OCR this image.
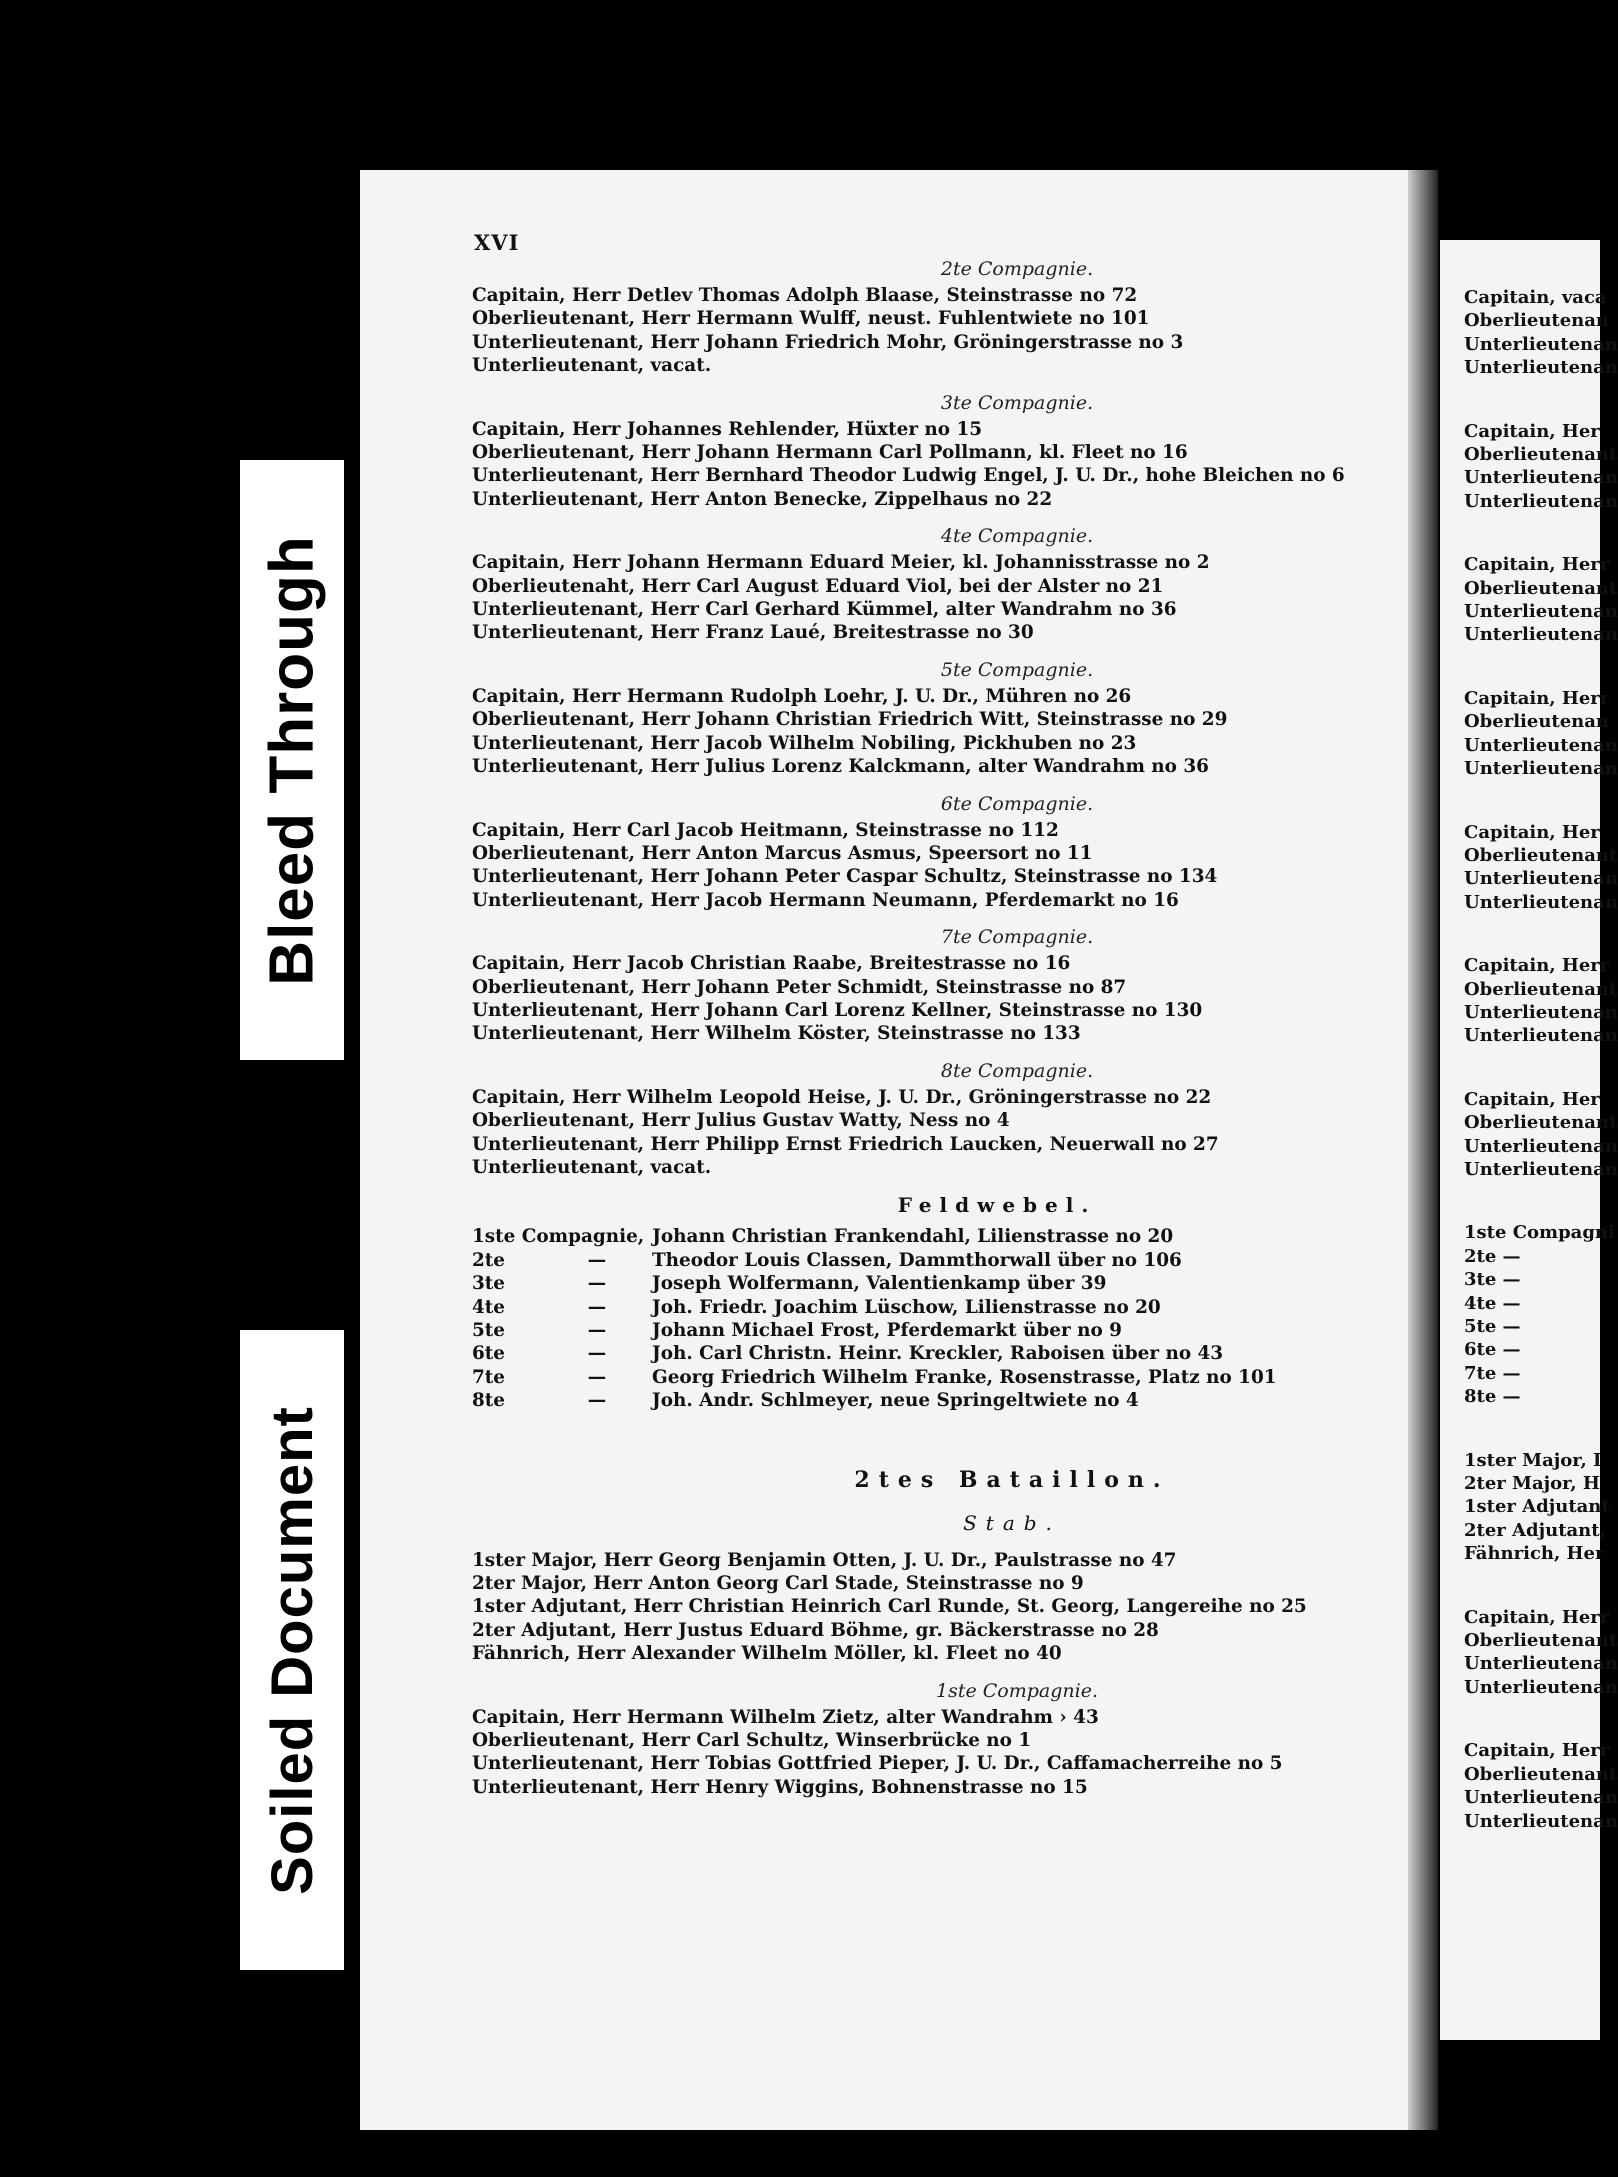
Bleed Through
Soiled Document
XVI
2te Compagnie.
Capitain, Herr Detlev Thomas Adolph Blaase, Steinstrasse no 72
Oberlieutenant, Herr Hermann Wulff, neust. Fuhlentwiete no 101
Unterlieutenant, Herr Johann Friedrich Mohr, Gröningerstrasse no 3
Unterlieutenant, vacat.
3te Compagnie.
Capitain, Herr Johannes Rehlender, Hüxter no 15
Oberlieutenant, Herr Johann Hermann Carl Pollmann, kl. Fleet no 16
Unterlieutenant, Herr Bernhard Theodor Ludwig Engel, J. U. Dr., hohe Bleichen no 6
Unterlieutenant, Herr Anton Benecke, Zippelhaus no 22
4te Compagnie.
Capitain, Herr Johann Hermann Eduard Meier, kl. Johannisstrasse no 2
Oberlieutenaht, Herr Carl August Eduard Viol, bei der Alster no 21
Unterlieutenant, Herr Carl Gerhard Kümmel, alter Wandrahm no 36
Unterlieutenant, Herr Franz Laué, Breitestrasse no 30
5te Compagnie.
Capitain, Herr Hermann Rudolph Loehr, J. U. Dr., Mühren no 26
Oberlieutenant, Herr Johann Christian Friedrich Witt, Steinstrasse no 29
Unterlieutenant, Herr Jacob Wilhelm Nobiling, Pickhuben no 23
Unterlieutenant, Herr Julius Lorenz Kalckmann, alter Wandrahm no 36
6te Compagnie.
Capitain, Herr Carl Jacob Heitmann, Steinstrasse no 112
Oberlieutenant, Herr Anton Marcus Asmus, Speersort no 11
Unterlieutenant, Herr Johann Peter Caspar Schultz, Steinstrasse no 134
Unterlieutenant, Herr Jacob Hermann Neumann, Pferdemarkt no 16
7te Compagnie.
Capitain, Herr Jacob Christian Raabe, Breitestrasse no 16
Oberlieutenant, Herr Johann Peter Schmidt, Steinstrasse no 87
Unterlieutenant, Herr Johann Carl Lorenz Kellner, Steinstrasse no 130
Unterlieutenant, Herr Wilhelm Köster, Steinstrasse no 133
8te Compagnie.
Capitain, Herr Wilhelm Leopold Heise, J. U. Dr., Gröningerstrasse no 22
Oberlieutenant, Herr Julius Gustav Watty, Ness no 4
Unterlieutenant, Herr Philipp Ernst Friedrich Laucken, Neuerwall no 27
Unterlieutenant, vacat.
Feldwebel.
1ste Compagnie, Johann Christian Frankendahl, Lilienstrasse no 20
2te	—	Theodor Louis Classen, Dammthorwall über no 106
3te	—	Joseph Wolfermann, Valentienkamp über 39
4te	—	Joh. Friedr. Joachim Lüschow, Lilienstrasse no 20
5te	—	Johann Michael Frost, Pferdemarkt über no 9
6te	—	Joh. Carl Christn. Heinr. Kreckler, Raboisen über no 43
7te	—	Georg Friedrich Wilhelm Franke, Rosenstrasse, Platz no 101
8te	—	Joh. Andr. Schlmeyer, neue Springeltwiete no 4
2tes Bataillon.
Stab.
1ster Major, Herr Georg Benjamin Otten, J. U. Dr., Paulstrasse no 47
2ter Major, Herr Anton Georg Carl Stade, Steinstrasse no 9
1ster Adjutant, Herr Christian Heinrich Carl Runde, St. Georg, Langereihe no 25
2ter Adjutant, Herr Justus Eduard Böhme, gr. Bäckerstrasse no 28
Fähnrich, Herr Alexander Wilhelm Möller, kl. Fleet no 40
1ste Compagnie.
Capitain, Herr Hermann Wilhelm Zietz, alter Wandrahm › 43
Oberlieutenant, Herr Carl Schultz, Winserbrücke no 1
Unterlieutenant, Herr Tobias Gottfried Pieper, J. U. Dr., Caffamacherreihe no 5
Unterlieutenant, Herr Henry Wiggins, Bohnenstrasse no 15
Capitain, vaca
Oberlieutenan
Unterlieutenan
Unterlieutenan
Capitain, Her
Oberlieutenant
Unterlieutenan
Unterlieutenan
Capitain, Herr
Oberlieutenant
Unterlieutenan
Unterlieutenan
Capitain, Herr
Oberlieutenan
Unterlieutenan
Unterlieutenan
Capitain, Her
Oberlieutenant
Unterlieutenan
Unterlieutenan
Capitain, Herr
Oberlieutenant
Unterlieutenan
Unterlieutenan
Capitain, Her
Oberlieutenant
Unterlieutenan
Unterlieutenan
1ste Compagni
2te —
3te —
4te —
5te —
6te —
7te —
8te —
1ster Major, I
2ter Major, H
1ster Adjutant
2ter Adjutant,
Fähnrich, Her
Capitain, Herr
Oberlieutenant
Unterlieutenan
Unterlieutenan
Capitain, Herr
Oberlieutenant
Unterlieutenan
Unterlieutenan
